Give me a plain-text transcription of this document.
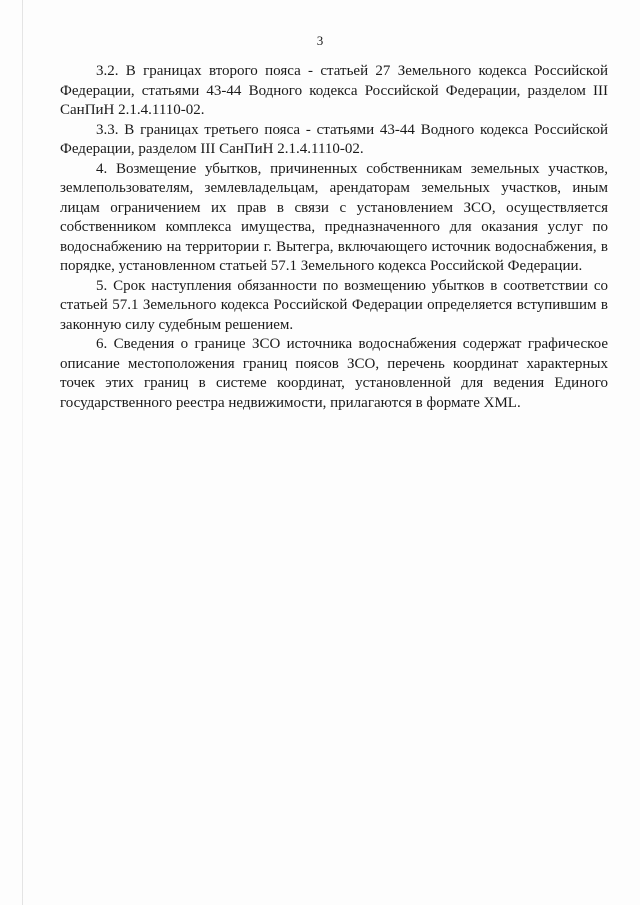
3

3.2. В границах второго пояса - статьей 27 Земельного кодекса Российской Федерации, статьями 43-44 Водного кодекса Российской Федерации, разделом III СанПиН 2.1.4.1110-02.

3.3. В границах третьего пояса - статьями 43-44 Водного кодекса Российской Федерации, разделом III СанПиН 2.1.4.1110-02.

4. Возмещение убытков, причиненных собственникам земельных участков, землепользователям, землевладельцам, арендаторам земельных участков, иным лицам ограничением их прав в связи с установлением ЗСО, осуществляется собственником комплекса имущества, предназначенного для оказания услуг по водоснабжению на территории г. Вытегра, включающего источник водоснабжения, в порядке, установленном статьей 57.1 Земельного кодекса Российской Федерации.

5. Срок наступления обязанности по возмещению убытков в соответствии со статьей 57.1 Земельного кодекса Российской Федерации определяется вступившим в законную силу судебным решением.

6. Сведения о границе ЗСО источника водоснабжения содержат графическое описание местоположения границ поясов ЗСО, перечень координат характерных точек этих границ в системе координат, установленной для ведения Единого государственного реестра недвижимости, прилагаются в формате XML.
